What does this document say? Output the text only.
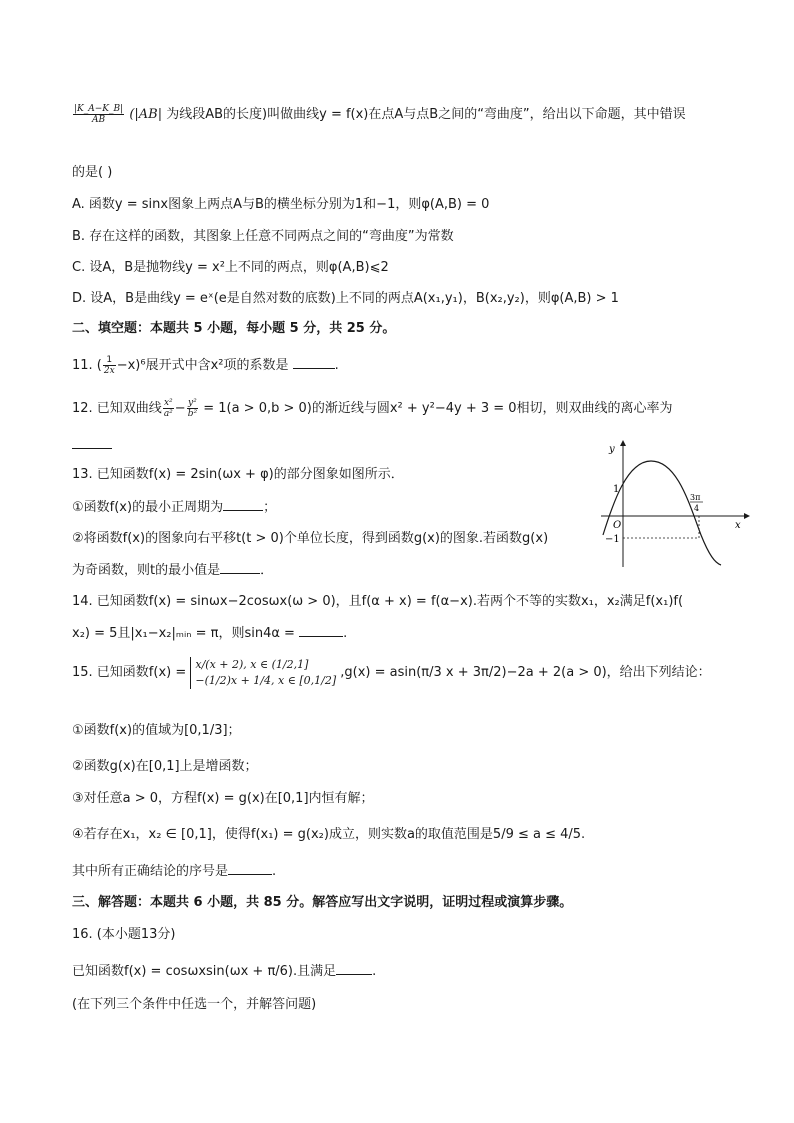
$\frac{|K\_A-K\_B|}{AB} (|AB|$ 为线段AB的长度)叫做曲线y = f(x)在点A与点B之间的“弯曲度”，给出以下命题，其中错误
的是( )
A. 函数y = sinx图象上两点A与B的横坐标分别为1和−1，则φ(A,B) = 0
B. 存在这样的函数，其图象上任意不同两点之间的“弯曲度”为常数
C. 设A，B是抛物线y = x²上不同的两点，则φ(A,B)⩽2
D. 设A，B是曲线y = eˣ(e是自然对数的底数)上不同的两点A(x₁,y₁)，B(x₂,y₂)，则φ(A,B) > 1
二、填空题：本题共 5 小题，每小题 5 分，共 25 分。
11. ( $\frac{1}{2x} -x)^6$展开式中含x²项的系数是	.
12. 已知双曲线 $\frac{\text{x²}}{\text{a²}} - \frac{\text{y²}}{\text{b²}} = 1(a > 0,b > 0)$的渐近线与圆x² + y²−4y + 3 = 0相切，则双曲线的离心率为
13. 已知函数f(x) = 2sin(ωx + φ)的部分图象如图所示．
①函数f(x)的最小正周期为	；
②将函数f(x)的图象向右平移t(t > 0)个单位长度，得到函数g(x)的图象.若函数g(x)
为奇函数，则t的最小值是	．
y
x
O
1
−1
3π
4
14. 已知函数f(x) = sinωx−2cosωx(ω > 0)，且f(α + x) = f(α−x).若两个不等的实数x₁，x₂满足f(x₁)f(
x₂) = 5且|x₁−x₂|ₘᵢₙ = π，则sin4α =	.
15. 已知函数f(x) =
x/(x + 2), x ∈ (1/2,1]
−(1/2)x + 1/4, x ∈ [0,1/2]
,g(x) = asin(π/3 x + 3π/2)−2a + 2(a > 0)，给出下列结论：
①函数f(x)的值域为[0,1/3]；
②函数g(x)在[0,1]上是增函数；
③对任意a > 0，方程f(x) = g(x)在[0,1]内恒有解；
④若存在x₁，x₂ ∈ [0,1]，使得f(x₁) = g(x₂)成立，则实数a的取值范围是5/9 ≤ a ≤ 4/5.
其中所有正确结论的序号是	.
三、解答题：本题共 6 小题，共 85 分。解答应写出文字说明，证明过程或演算步骤。
16. (本小题13分)
已知函数f(x) = cosωxsin(ωx + π/6).且满足	.
(在下列三个条件中任选一个，并解答问题)
